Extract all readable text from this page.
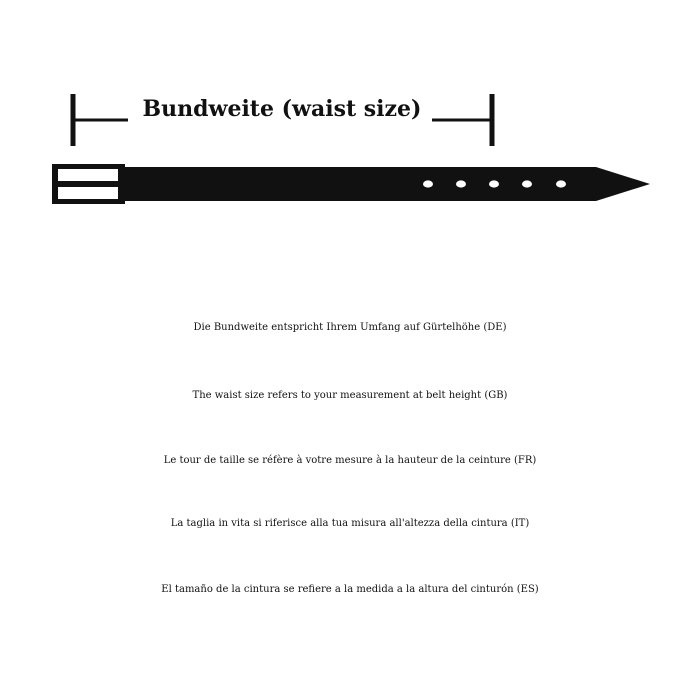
Bundweite (waist size)
Die Bundweite entspricht Ihrem Umfang auf Gürtelhöhe (DE)
The waist size refers to your measurement at belt height (GB)
Le tour de taille se réfère à votre mesure à la hauteur de la ceinture (FR)
La taglia in vita si riferisce alla tua misura all'altezza della cintura (IT)
El tamaño de la cintura se refiere a la medida a la altura del cinturón (ES)
